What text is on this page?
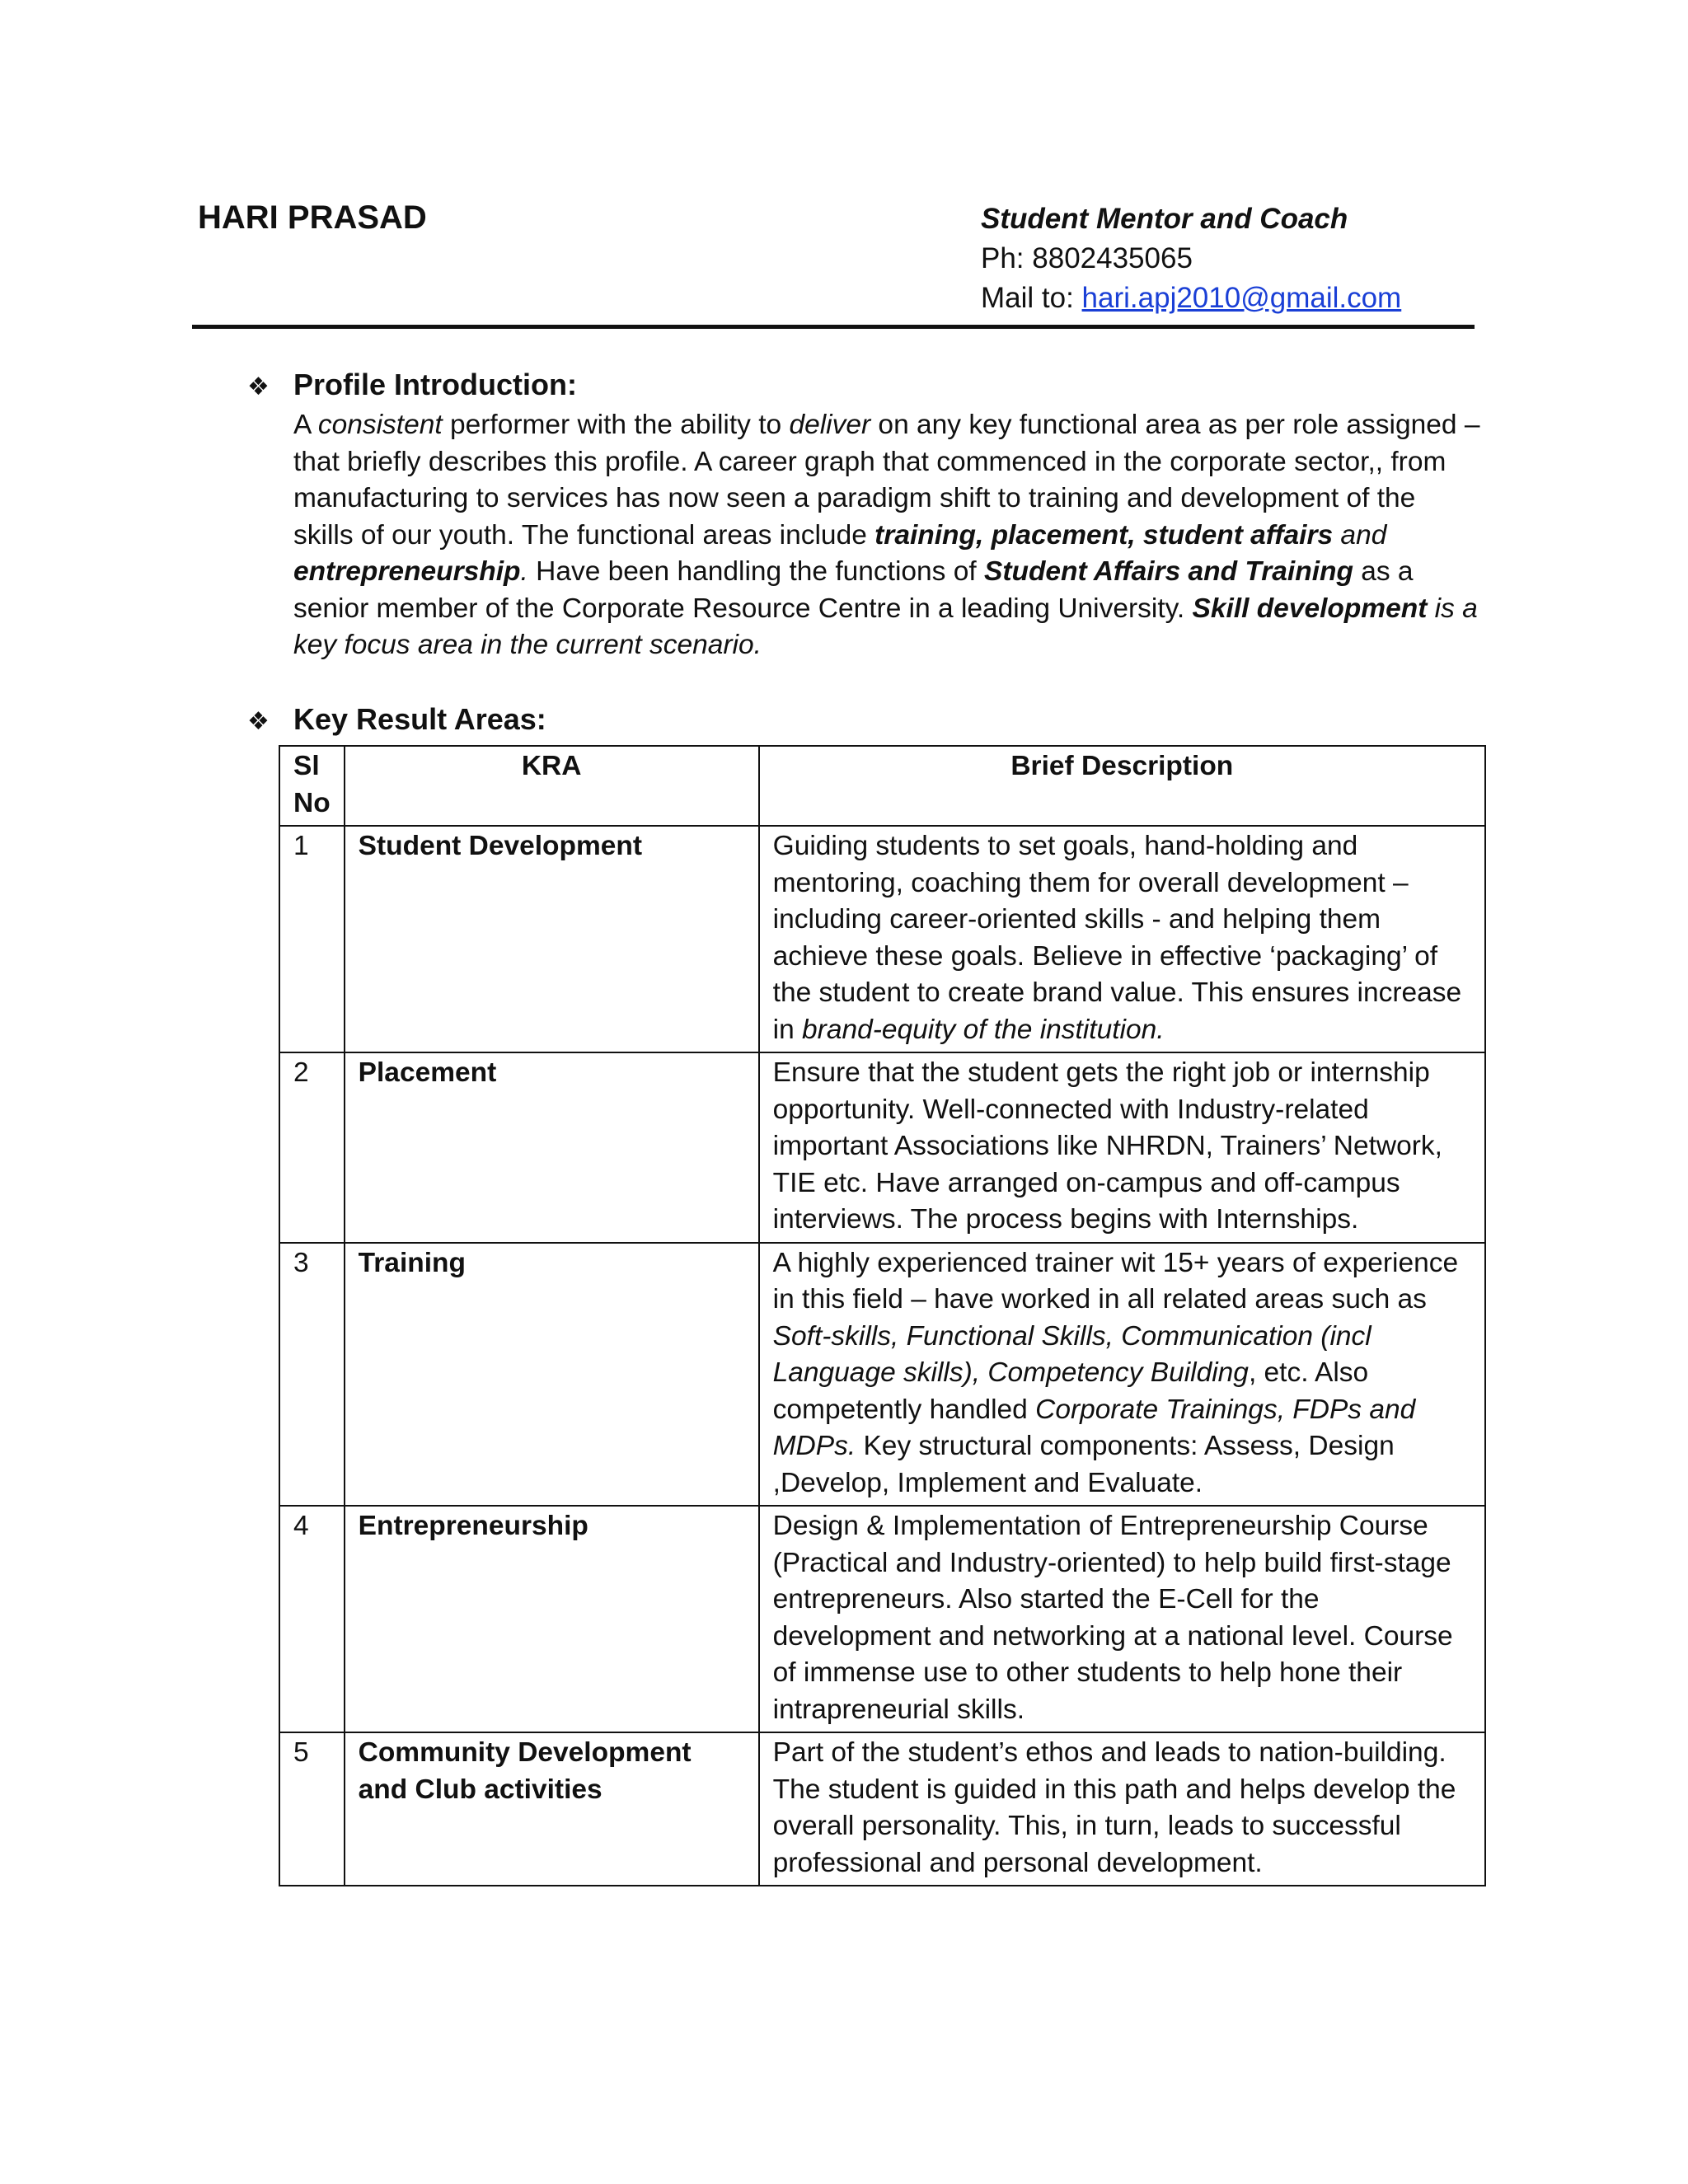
HARI PRASAD	Student Mentor and Coach
Ph: 8802435065
Mail to: hari.apj2010@gmail.com
❖ Profile Introduction:
A consistent performer with the ability to deliver on any key functional area as per role assigned – that briefly describes this profile. A career graph that commenced in the corporate sector,, from manufacturing to services has now seen a paradigm shift to training and development of the skills of our youth. The functional areas include training, placement, student affairs and entrepreneurship. Have been handling the functions of Student Affairs and Training as a senior member of the Corporate Resource Centre in a leading University. Skill development is a key focus area in the current scenario.
❖ Key Result Areas:
Sl No	KRA	Brief Description
1	Student Development	Guiding students to set goals, hand-holding and mentoring, coaching them for overall development – including career-oriented skills - and helping them achieve these goals. Believe in effective ‘packaging’ of the student to create brand value. This ensures increase in brand-equity of the institution.
2	Placement	Ensure that the student gets the right job or internship opportunity. Well-connected with Industry-related important Associations like NHRDN, Trainers’ Network, TIE etc. Have arranged on-campus and off-campus interviews. The process begins with Internships.
3	Training	A highly experienced trainer wit 15+ years of experience in this field – have worked in all related areas such as Soft-skills, Functional Skills, Communication (incl Language skills), Competency Building, etc. Also competently handled Corporate Trainings, FDPs and MDPs. Key structural components: Assess, Design ,Develop, Implement and Evaluate.
4	Entrepreneurship	Design & Implementation of Entrepreneurship Course (Practical and Industry-oriented) to help build first-stage entrepreneurs. Also started the E-Cell for the development and networking at a national level. Course of immense use to other students to help hone their intrapreneurial skills.
5	Community Development and Club activities	Part of the student’s ethos and leads to nation-building. The student is guided in this path and helps develop the overall personality. This, in turn, leads to successful professional and personal development.
